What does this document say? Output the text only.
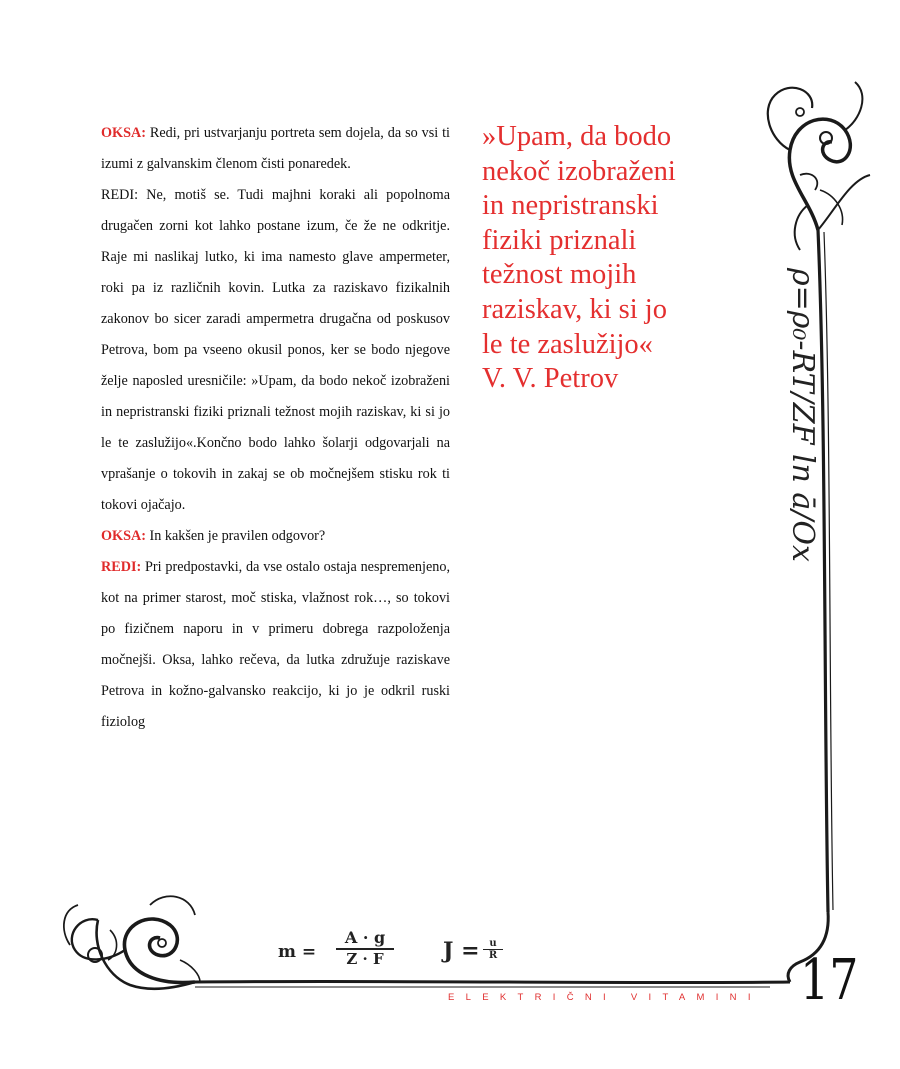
OKSA: Redi, pri ustvarjanju portreta sem dojela, da so vsi ti izumi z galvanskim členom čisti ponaredek.

REDI: Ne, motiš se. Tudi majhni koraki ali popolnoma drugačen zorni kot lahko postane izum, če že ne odkritje. Raje mi naslikaj lutko, ki ima namesto glave ampermeter, roki pa iz različnih kovin. Lutka za raziskavo fizikalnih zakonov bo sicer zaradi ampermetra drugačna od poskusov Petrova, bom pa vseeno okusil ponos, ker se bodo njegove želje naposled uresničile: »Upam, da bodo nekoč izobraženi in nepristranski fiziki priznali težnost mojih raziskav, ki si jo le te zaslužijo«.Končno bodo lahko šolarji odgovarjali na vprašanje o tokovih in zakaj se ob močnejšem stisku rok ti tokovi ojačajo.

OKSA: In kakšen je pravilen odgovor?

REDI: Pri predpostavki, da vse ostalo ostaja nespremenjeno, kot na primer starost, moč stiska, vlažnost rok…, so tokovi po fizičnem naporu in v primeru dobrega razpoloženja močnejši. Oksa, lahko rečeva, da lutka združuje raziskave Petrova in kožno-galvansko reakcijo, ki jo je odkril ruski fiziolog

»Upam, da bodo
nekoč izobraženi
in nepristranski
fiziki priznali
težnost mojih
raziskav, ki si jo
le te zaslužijo«
V. V. Petrov	ρ=ρ₀-RT/ZF ln ā/Ox
$m = \frac{A \cdot g}{Z \cdot F}$ $J = \frac{u}{R}$
ELEKTRIČNI VITAMINI 17
